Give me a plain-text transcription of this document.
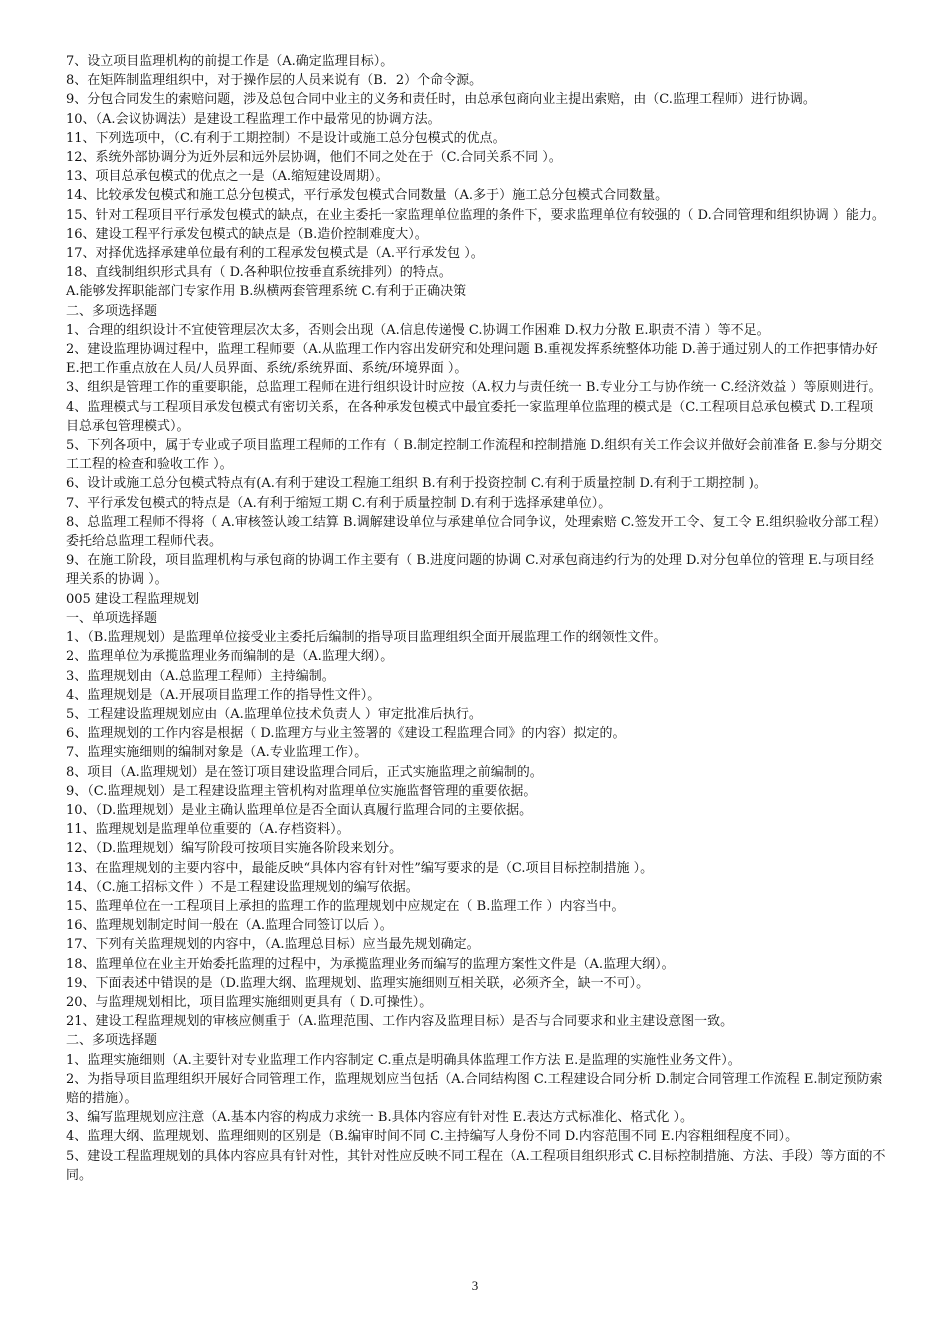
7、设立项目监理机构的前提工作是（A.确定监理目标）。

8、在矩阵制监理组织中，对于操作层的人员来说有（B．2）个命令源。

9、分包合同发生的索赔问题，涉及总包合同中业主的义务和责任时，由总承包商向业主提出索赔，由（C.监理工程师）进行协调。

10、（A.会议协调法）是建设工程监理工作中最常见的协调方法。

11、下列选项中，（C.有利于工期控制）不是设计或施工总分包模式的优点。

12、系统外部协调分为近外层和远外层协调，他们不同之处在于（C.合同关系不同 ）。

13、项目总承包模式的优点之一是（A.缩短建设周期）。

14、比较承发包模式和施工总分包模式，平行承发包模式合同数量（A.多于）施工总分包模式合同数量。

15、针对工程项目平行承发包模式的缺点，在业主委托一家监理单位监理的条件下，要求监理单位有较强的（ D.合同管理和组织协调 ）能力。

16、建设工程平行承发包模式的缺点是（B.造价控制难度大）。

17、对择优选择承建单位最有利的工程承发包模式是（A.平行承发包 ）。

18、直线制组织形式具有（ D.各种职位按垂直系统排列）的特点。

A.能够发挥职能部门专家作用 B.纵横两套管理系统 C.有利于正确决策

二、多项选择题

1、合理的组织设计不宜使管理层次太多，否则会出现（A.信息传递慢 C.协调工作困难 D.权力分散 E.职责不清 ）等不足。

2、建设监理协调过程中，监理工程师要（A.从监理工作内容出发研究和处理问题 B.重视发挥系统整体功能 D.善于通过别人的工作把事情办好 E.把工作重点放在人员/人员界面、系统/系统界面、系统/环境界面 ）。

3、组织是管理工作的重要职能，总监理工程师在进行组织设计时应按（A.权力与责任统一 B.专业分工与协作统一 C.经济效益 ）等原则进行。

4、监理模式与工程项目承发包模式有密切关系，在各种承发包模式中最宜委托一家监理单位监理的模式是（C.工程项目总承包模式 D.工程项目总承包管理模式）。

5、下列各项中，属于专业或子项目监理工程师的工作有（ B.制定控制工作流程和控制措施 D.组织有关工作会议并做好会前准备 E.参与分期交工工程的检查和验收工作 ）。

6、设计或施工总分包模式特点有(A.有利于建设工程施工组织 B.有利于投资控制 C.有利于质量控制 D.有利于工期控制 )。

7、平行承发包模式的特点是（A.有利于缩短工期 C.有利于质量控制 D.有利于选择承建单位）。

8、总监理工程师不得将（ A.审核签认竣工结算 B.调解建设单位与承建单位合同争议，处理索赔 C.签发开工令、复工令 E.组织验收分部工程）委托给总监理工程师代表。

9、在施工阶段，项目监理机构与承包商的协调工作主要有（ B.进度问题的协调 C.对承包商违约行为的处理 D.对分包单位的管理 E.与项目经理关系的协调 ）。

005 建设工程监理规划

一、单项选择题

1、（B.监理规划）是监理单位接受业主委托后编制的指导项目监理组织全面开展监理工作的纲领性文件。

2、监理单位为承揽监理业务而编制的是（A.监理大纲）。

3、监理规划由（A.总监理工程师）主持编制。

4、监理规划是（A.开展项目监理工作的指导性文件）。

5、工程建设监理规划应由（A.监理单位技术负责人 ）审定批准后执行。

6、监理规划的工作内容是根据（ D.监理方与业主签署的《建设工程监理合同》的内容）拟定的。

7、监理实施细则的编制对象是（A.专业监理工作）。

8、项目（A.监理规划）是在签订项目建设监理合同后，正式实施监理之前编制的。

9、（C.监理规划）是工程建设监理主管机构对监理单位实施监督管理的重要依据。

10、（D.监理规划）是业主确认监理单位是否全面认真履行监理合同的主要依据。

11、监理规划是监理单位重要的（A.存档资料）。

12、（D.监理规划）编写阶段可按项目实施各阶段来划分。

13、在监理规划的主要内容中，最能反映“具体内容有针对性”编写要求的是（C.项目目标控制措施 ）。

14、（C.施工招标文件 ）不是工程建设监理规划的编写依据。

15、监理单位在一工程项目上承担的监理工作的监理规划中应规定在（ B.监理工作 ）内容当中。

16、监理规划制定时间一般在（A.监理合同签订以后 ）。

17、下列有关监理规划的内容中，（A.监理总目标）应当最先规划确定。

18、监理单位在业主开始委托监理的过程中，为承揽监理业务而编写的监理方案性文件是（A.监理大纲）。

19、下面表述中错误的是（D.监理大纲、监理规划、监理实施细则互相关联，必须齐全，缺一不可）。

20、与监理规划相比，项目监理实施细则更具有（ D.可操性）。

21、建设工程监理规划的审核应侧重于（A.监理范围、工作内容及监理目标）是否与合同要求和业主建设意图一致。

二、多项选择题

1、监理实施细则（A.主要针对专业监理工作内容制定 C.重点是明确具体监理工作方法 E.是监理的实施性业务文件）。

2、为指导项目监理组织开展好合同管理工作，监理规划应当包括（A.合同结构图 C.工程建设合同分析 D.制定合同管理工作流程 E.制定预防索赔的措施）。

3、编写监理规划应注意（A.基本内容的构成力求统一 B.具体内容应有针对性 E.表达方式标准化、格式化 ）。

4、监理大纲、监理规划、监理细则的区别是（B.编审时间不同 C.主持编写人身份不同 D.内容范围不同 E.内容粗细程度不同）。

5、建设工程监理规划的具体内容应具有针对性，其针对性应反映不同工程在（A.工程项目组织形式 C.目标控制措施、方法、手段）等方面的不同。

3
